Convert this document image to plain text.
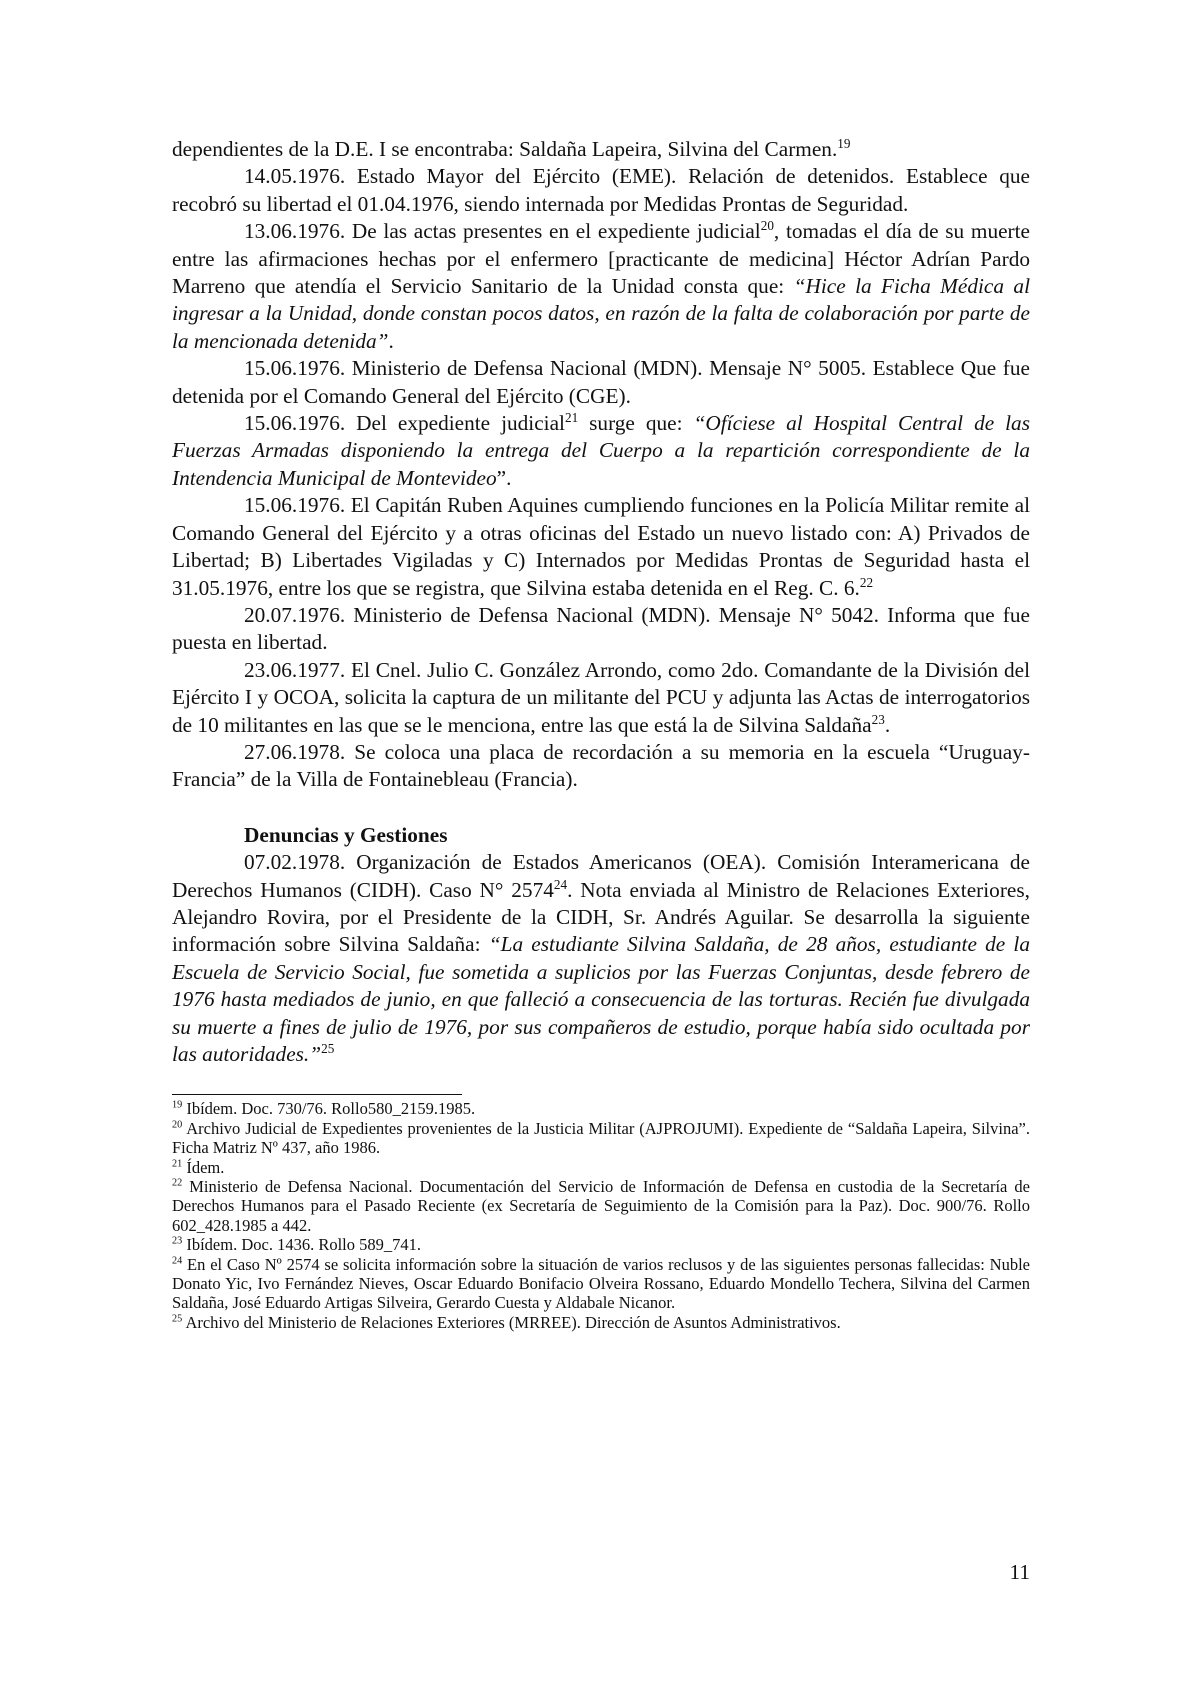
dependientes de la D.E. I se encontraba: Saldaña Lapeira, Silvina del Carmen.$^{19}$

14.05.1976. Estado Mayor del Ejército (EME). Relación de detenidos. Establece que recobró su libertad el 01.04.1976, siendo internada por Medidas Prontas de Seguridad.

13.06.1976. De las actas presentes en el expediente judicial$^{20}$, tomadas el día de su muerte entre las afirmaciones hechas por el enfermero [practicante de medicina] Héctor Adrían Pardo Marreno que atendía el Servicio Sanitario de la Unidad consta que: “Hice la Ficha Médica al ingresar a la Unidad, donde constan pocos datos, en razón de la falta de colaboración por parte de la mencionada detenida”.

15.06.1976. Ministerio de Defensa Nacional (MDN). Mensaje N° 5005. Establece Que fue detenida por el Comando General del Ejército (CGE).

15.06.1976. Del expediente judicial$^{21}$ surge que: “Ofíciese al Hospital Central de las Fuerzas Armadas disponiendo la entrega del Cuerpo a la repartición correspondiente de la Intendencia Municipal de Montevideo”.

15.06.1976. El Capitán Ruben Aquines cumpliendo funciones en la Policía Militar remite al Comando General del Ejército y a otras oficinas del Estado un nuevo listado con: A) Privados de Libertad; B) Libertades Vigiladas y C) Internados por Medidas Prontas de Seguridad hasta el 31.05.1976, entre los que se registra, que Silvina estaba detenida en el Reg. C. 6.22

20.07.1976. Ministerio de Defensa Nacional (MDN). Mensaje N° 5042. Informa que fue puesta en libertad.

23.06.1977. El Cnel. Julio C. González Arrondo, como 2do. Comandante de la División del Ejército I y OCOA, solicita la captura de un militante del PCU y adjunta las Actas de interrogatorios de 10 militantes en las que se le menciona, entre las que está la de Silvina Saldaña$^{23}$.

27.06.1978. Se coloca una placa de recordación a su memoria en la escuela “Uruguay- Francia” de la Villa de Fontainebleau (Francia).

Denuncias y Gestiones

07.02.1978. Organización de Estados Americanos (OEA). Comisión Interamericana de Derechos Humanos (CIDH). Caso N° 2574$^{24}$. Nota enviada al Ministro de Relaciones Exteriores, Alejandro Rovira, por el Presidente de la CIDH, Sr. Andrés Aguilar. Se desarrolla la siguiente información sobre Silvina Saldaña: “La estudiante Silvina Saldaña, de 28 años, estudiante de la Escuela de Servicio Social, fue sometida a suplicios por las Fuerzas Conjuntas, desde febrero de 1976 hasta mediados de junio, en que falleció a consecuencia de las torturas. Recién fue divulgada su muerte a fines de julio de 1976, por sus compañeros de estudio, porque había sido ocultada por las autoridades.”$^{25}$

$^{19}$ Ibídem. Doc. 730/76. Rollo580_2159.1985.

$^{20}$ Archivo Judicial de Expedientes provenientes de la Justicia Militar (AJPROJUMI). Expediente de “Saldaña Lapeira, Silvina”. Ficha Matriz Nº 437, año 1986.

$^{21}$ Ídem.

$^{22}$ Ministerio de Defensa Nacional. Documentación del Servicio de Información de Defensa en custodia de la Secretaría de Derechos Humanos para el Pasado Reciente (ex Secretaría de Seguimiento de la Comisión para la Paz). Doc. 900/76. Rollo 602_428.1985 a 442.

$^{23}$ Ibídem. Doc. 1436. Rollo 589_741.

$^{24}$ En el Caso Nº 2574 se solicita información sobre la situación de varios reclusos y de las siguientes personas fallecidas: Nuble Donato Yic, Ivo Fernández Nieves, Oscar Eduardo Bonifacio Olveira Rossano, Eduardo Mondello Techera, Silvina del Carmen Saldaña, José Eduardo Artigas Silveira, Gerardo Cuesta y Aldabale Nicanor.

$^{25}$ Archivo del Ministerio de Relaciones Exteriores (MRREE). Dirección de Asuntos Administrativos.

11
